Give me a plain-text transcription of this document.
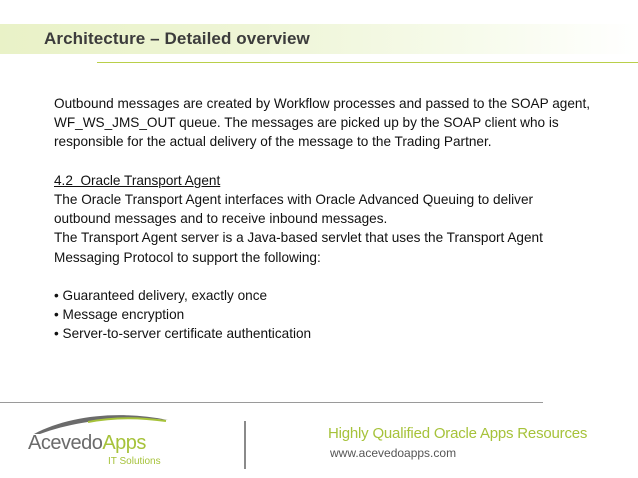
Architecture – Detailed overview

Outbound messages are created by Workflow processes and passed to the SOAP agent,

WF_WS_JMS_OUT queue. The messages are picked up by the SOAP client who is

responsible for the actual delivery of the message to the Trading Partner.

4.2  Oracle Transport Agent

The Oracle Transport Agent interfaces with Oracle Advanced Queuing to deliver

outbound messages and to receive inbound messages.

The Transport Agent server is a Java-based servlet that uses the Transport Agent

Messaging Protocol to support the following:

• Guaranteed delivery, exactly once

• Message encryption

• Server-to-server certificate authentication

AcevedoApps
IT Solutions
Highly Qualified Oracle Apps Resources
www.acevedoapps.com
